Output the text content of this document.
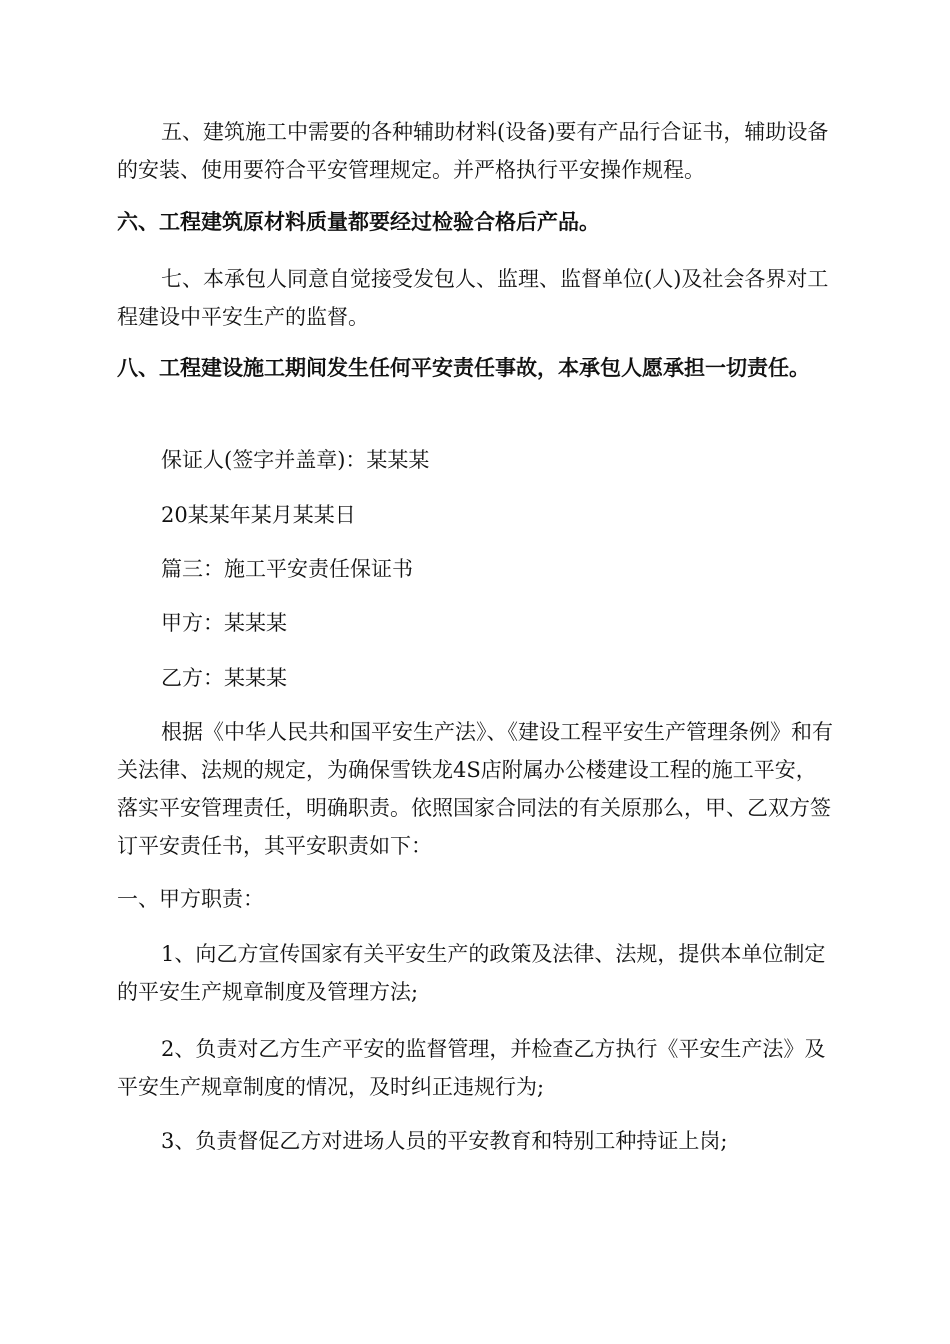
五、建筑施工中需要的各种辅助材料(设备)要有产品行合证书，辅助设备的安装、使用要符合平安管理规定。并严格执行平安操作规程。

六、工程建筑原材料质量都要经过检验合格后产品。

七、本承包人同意自觉接受发包人、监理、监督单位(人)及社会各界对工程建设中平安生产的监督。

八、工程建设施工期间发生任何平安责任事故，本承包人愿承担一切责任。

保证人(签字并盖章)：某某某

20某某年某月某某日

篇三：施工平安责任保证书

甲方：某某某

乙方：某某某

根据《中华人民共和国平安生产法》、《建设工程平安生产管理条例》和有关法律、法规的规定，为确保雪铁龙4S店附属办公楼建设工程的施工平安，落实平安管理责任，明确职责。依照国家合同法的有关原那么，甲、乙双方签订平安责任书，其平安职责如下：

一、甲方职责：

1、向乙方宣传国家有关平安生产的政策及法律、法规，提供本单位制定的平安生产规章制度及管理方法;

2、负责对乙方生产平安的监督管理，并检查乙方执行《平安生产法》及平安生产规章制度的情况，及时纠正违规行为;

3、负责督促乙方对进场人员的平安教育和特别工种持证上岗;
